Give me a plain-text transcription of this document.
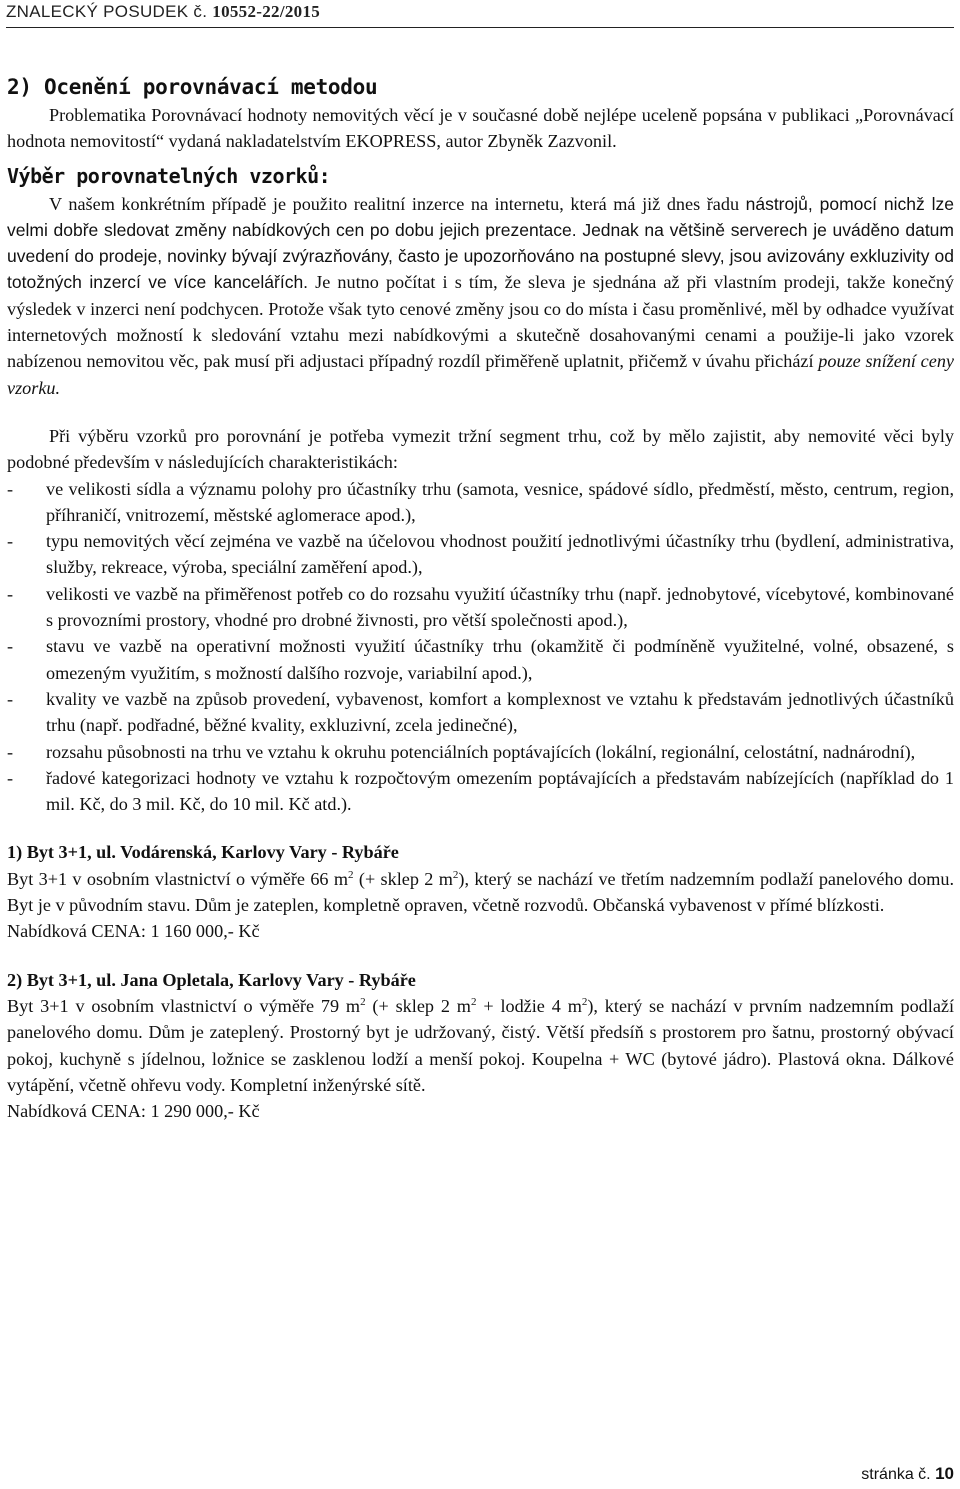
ZNALECKÝ POSUDEK č. 10552-22/2015
2) Ocenění porovnávací metodou

Problematika Porovnávací hodnoty nemovitých věcí je v současné době nejlépe uceleně popsána v publikaci „Porovnávací hodnota nemovitostí“ vydaná nakladatelstvím EKOPRESS, autor Zbyněk Zazvonil.

Výběr porovnatelných vzorků:

V našem konkrétním případě je použito realitní inzerce na internetu, která má již dnes řadu nástrojů, pomocí nichž lze velmi dobře sledovat změny nabídkových cen po dobu jejich prezentace. Jednak na většině serverech je uváděno datum uvedení do prodeje, novinky bývají zvýrazňovány, často je upozorňováno na postupné slevy, jsou avizovány exkluzivity od totožných inzercí ve více kancelářích. Je nutno počítat i s tím, že sleva je sjednána až při vlastním prodeji, takže konečný výsledek v inzerci není podchycen. Protože však tyto cenové změny jsou co do místa i času proměnlivé, měl by odhadce využívat internetových možností k sledování vztahu mezi nabídkovými a skutečně dosahovanými cenami a použije-li jako vzorek nabízenou nemovitou věc, pak musí při adjustaci případný rozdíl přiměřeně uplatnit, přičemž v úvahu přichází pouze snížení ceny vzorku.

Při výběru vzorků pro porovnání je potřeba vymezit tržní segment trhu, což by mělo zajistit, aby nemovité věci byly podobné především v následujících charakteristikách:

- ve velikosti sídla a významu polohy pro účastníky trhu (samota, vesnice, spádové sídlo, předměstí, město, centrum, region, příhraničí, vnitrozemí, městské aglomerace apod.),
- typu nemovitých věcí zejména ve vazbě na účelovou vhodnost použití jednotlivými účastníky trhu (bydlení, administrativa, služby, rekreace, výroba, speciální zaměření apod.),
- velikosti ve vazbě na přiměřenost potřeb co do rozsahu využití účastníky trhu (např. jednobytové, vícebytové, kombinované s provozními prostory, vhodné pro drobné živnosti, pro větší společnosti apod.),
- stavu ve vazbě na operativní možnosti využití účastníky trhu (okamžitě či podmíněně využitelné, volné, obsazené, s omezeným využitím, s možností dalšího rozvoje, variabilní apod.),
- kvality ve vazbě na způsob provedení, vybavenost, komfort a komplexnost ve vztahu k představám jednotlivých účastníků trhu (např. podřadné, běžné kvality, exkluzivní, zcela jedinečné),
- rozsahu působnosti na trhu ve vztahu k okruhu potenciálních poptávajících (lokální, regionální, celostátní, nadnárodní),
- řadové kategorizaci hodnoty ve vztahu k rozpočtovým omezením poptávajících a představám nabízejících (například do 1 mil. Kč, do 3 mil. Kč, do 10 mil. Kč atd.).

1) Byt 3+1, ul. Vodárenská, Karlovy Vary - Rybáře

Byt 3+1 v osobním vlastnictví o výměře 66 $m^2$ (+ sklep 2 $m^2$), který se nachází ve třetím nadzemním podlaží panelového domu. Byt je v původním stavu. Dům je zateplen, kompletně opraven, včetně rozvodů. Občanská vybavenost v přímé blízkosti.

Nabídková CENA: 1 160 000,- Kč

2) Byt 3+1, ul. Jana Opletala, Karlovy Vary - Rybáře

Byt 3+1 v osobním vlastnictví o výměře 79 $m^2$ (+ sklep 2 $m^2$ + lodžie 4 $m^2$), který se nachází v prvním nadzemním podlaží panelového domu. Dům je zateplený. Prostorný byt je udržovaný, čistý. Větší předsíň s prostorem pro šatnu, prostorný obývací pokoj, kuchyně s jídelnou, ložnice se zasklenou lodží a menší pokoj. Koupelna + WC (bytové jádro). Plastová okna. Dálkové vytápění, včetně ohřevu vody. Kompletní inženýrské sítě.

Nabídková CENA: 1 290 000,- Kč

stránka č. 10
